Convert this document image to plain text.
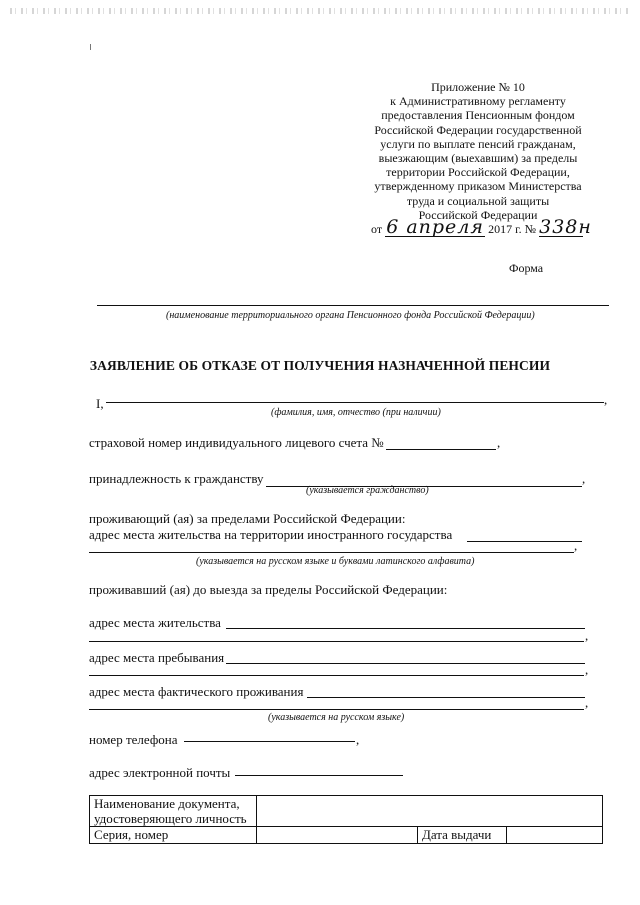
Приложение № 10
к Административному регламенту
предоставления Пенсионным фондом
Российской Федерации государственной
услуги по выплате пенсий гражданам,
выезжающим (выехавшим) за пределы
территории Российской Федерации,
утвержденному приказом Министерства
труда и социальной защиты
Российской Федерации
от 6 апреля 2017 г. № 338н
Форма
(наименование территориального органа Пенсионного фонда Российской Федерации)
ЗАЯВЛЕНИЕ ОБ ОТКАЗЕ ОТ ПОЛУЧЕНИЯ НАЗНАЧЕННОЙ ПЕНСИИ
I,	,
(фамилия, имя, отчество (при наличии)
страховой номер индивидуального лицевого счета №	,
принадлежность к гражданству	,
(указывается гражданство)
проживающий (ая) за пределами Российской Федерации:
адрес места жительства на территории иностранного государства
,
(указывается на русском языке и буквами латинского алфавита)
проживавший (ая) до выезда за пределы Российской Федерации:
адрес места жительства
,
адрес места пребывания
,
адрес места фактического проживания
,
(указывается на русском языке)
номер телефона	,
адрес электронной почты
Наименование документа, удостоверяющего личность			
Серия, номер		Дата выдачи	
